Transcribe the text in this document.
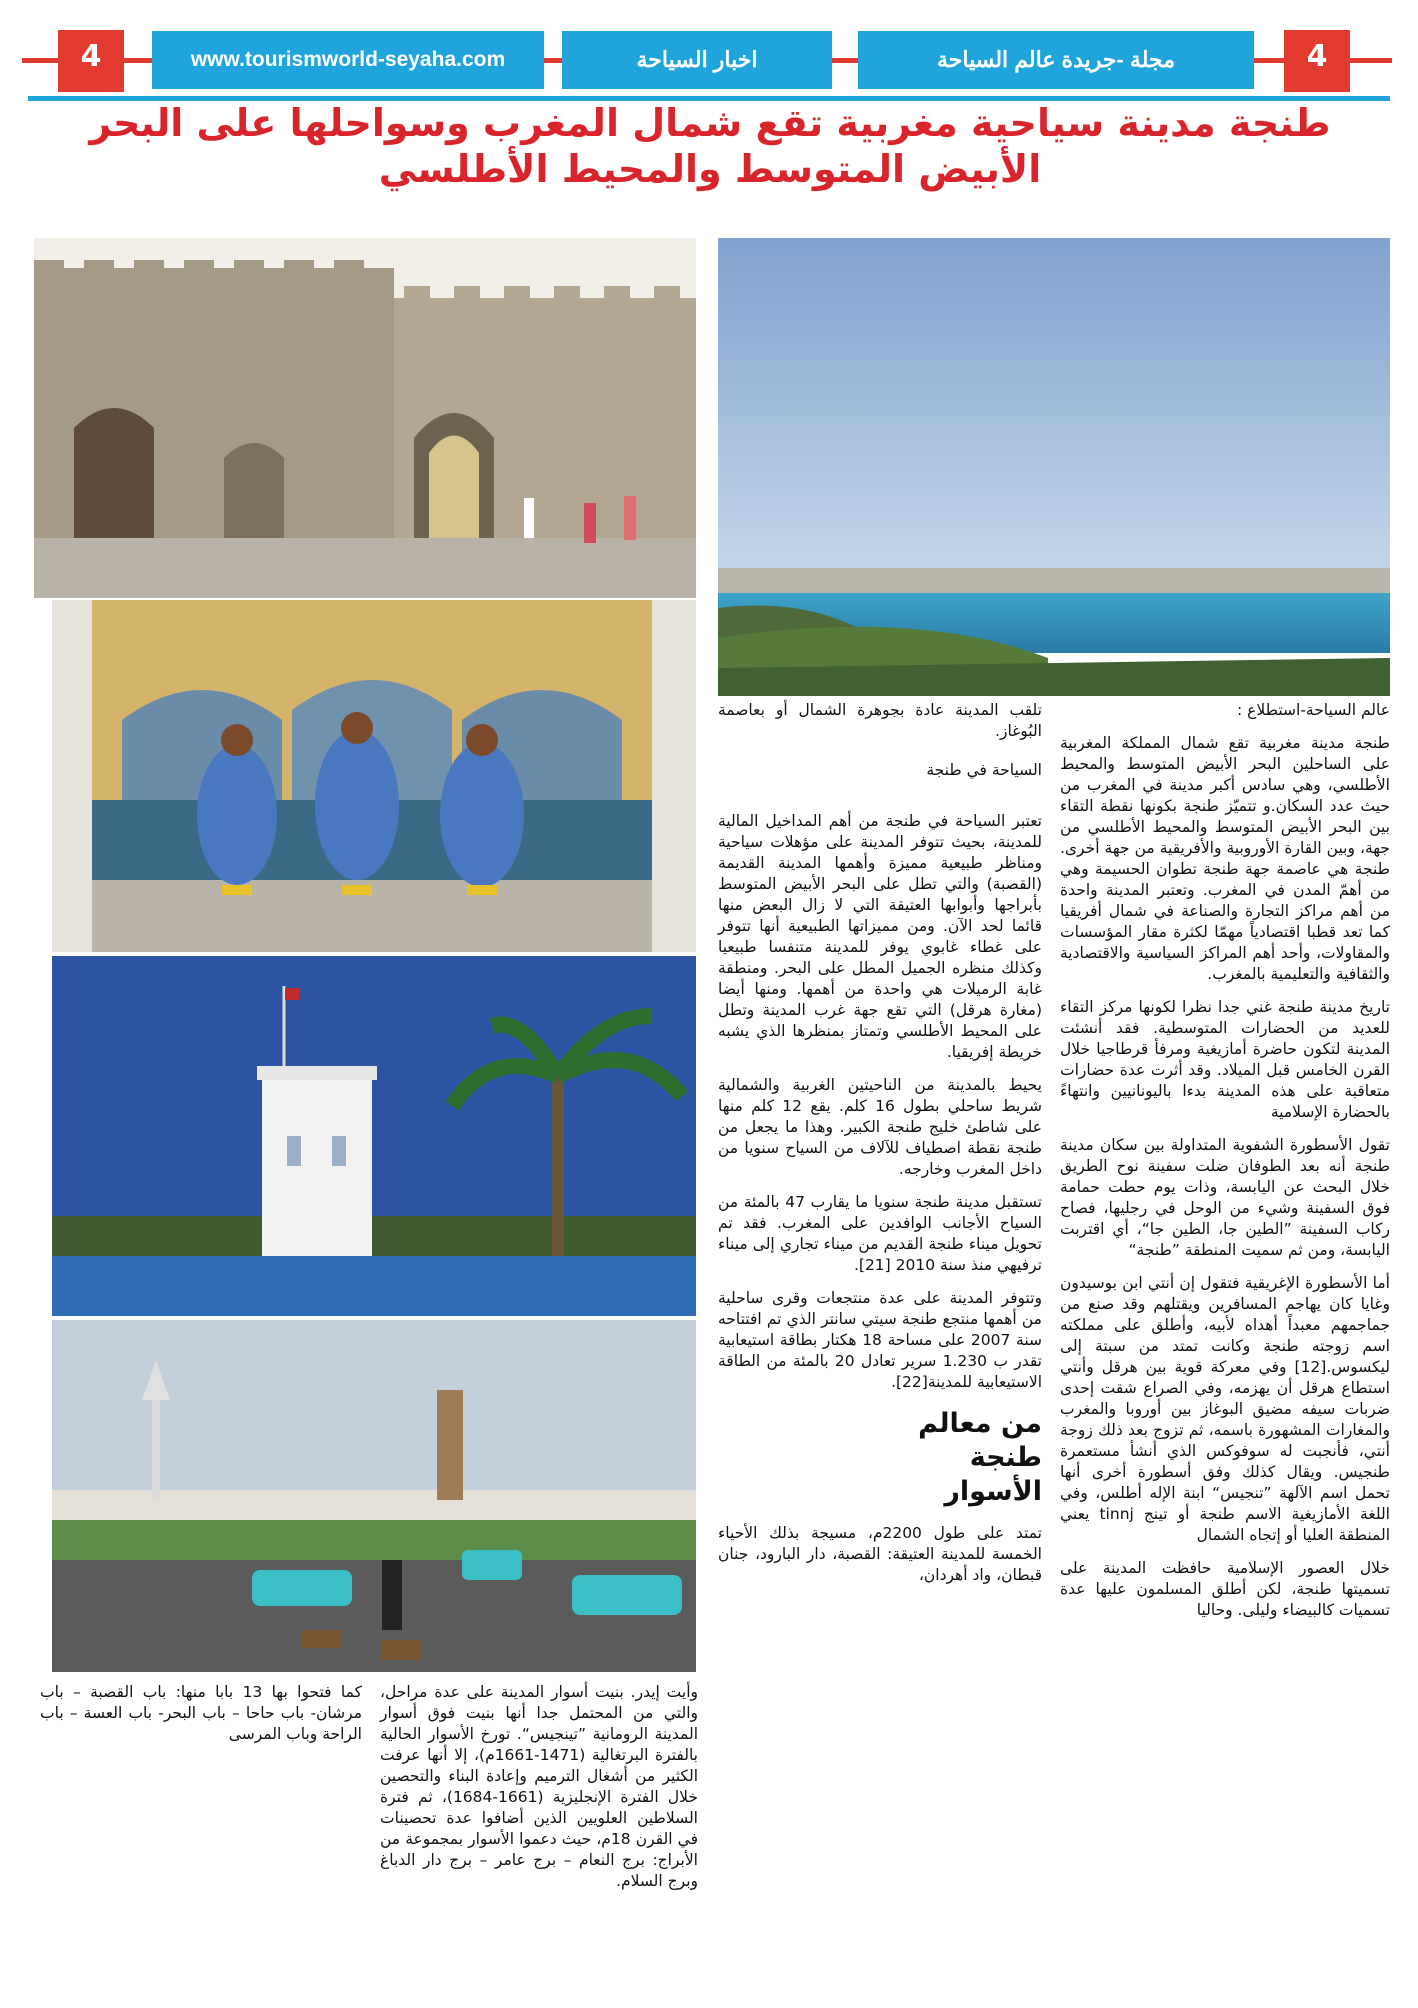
4	www.tourismworld-seyaha.com	اخبار السياحة	مجلة -جريدة عالم السياحة	4
طنجة مدينة سياحية مغربية تقع شمال المغرب وسواحلها على البحر الأبيض المتوسط والمحيط الأطلسي

عالم السياحة-استطلاع :

طنجة مدينة مغربية تقع شمال المملكة المغربية على الساحلين البحر الأبيض المتوسط والمحيط الأطلسي، وهي سادس أكبر مدينة في المغرب من حيث عدد السكان.و تتميّز طنجة بكونها نقطة التقاء بين البحر الأبيض المتوسط والمحيط الأطلسي من جهة، وبين القارة الأوروبية والأفريقية من جهة أخرى. طنجة هي عاصمة جهة طنجة تطوان الحسيمة وهي من أهمّ المدن في المغرب. وتعتبر المدينة واحدة من أهم مراكز التجارة والصناعة في شمال أفريقيا كما تعد قطبا اقتصادياً مهمّا لكثرة مقار المؤسسات والمقاولات، وأحد أهم المراكز السياسية والاقتصادية والثقافية والتعليمية بالمغرب.

تاريخ مدينة طنجة غني جدا نظرا لكونها مركز التقاء للعديد من الحضارات المتوسطية. فقد أنشئت المدينة لتكون حاضرة أمازيغية ومرفأ قرطاجيا خلال القرن الخامس قبل الميلاد. وقد أثرت عدة حضارات متعاقبة على هذه المدينة بدءا باليونانيين وانتهاءً بالحضارة الإسلامية

تقول الأسطورة الشفوية المتداولة بين سكان مدينة طنجة أنه بعد الطوفان ضلت سفينة نوح الطريق خلال البحث عن اليابسة، وذات يوم حطت حمامة فوق السفينة وشيء من الوحل في رجليها، فصاح ركاب السفينة ”الطين جا، الطين جا“، أي اقتربت اليابسة، ومن ثم سميت المنطقة ”طنجة“

أما الأسطورة الإغريقية فتقول إن أنتي ابن بوسيدون وغايا كان يهاجم المسافرين ويقتلهم وقد صنع من جماجمهم معبداً أهداه لأبيه، وأطلق على مملكته اسم زوجته طنجة وكانت تمتد من سبتة إلى ليكسوس.[12] وفي معركة قوية بين هرقل وأنتي استطاع هرقل أن يهزمه، وفي الصراع شقت إحدى ضربات سيفه مضيق البوغاز بين أوروبا والمغرب والمغارات المشهورة باسمه، ثم تزوج بعد ذلك زوجة أنتي، فأنجبت له سوفوكس الذي أنشأ مستعمرة طنجيس. ويقال كذلك وفق أسطورة أخرى أنها تحمل اسم الآلهة ”تنجيس“ ابنة الإله أطلس، وفي اللغة الأمازيغية الاسم طنجة أو تينج tinnj يعني المنطقة العليا أو إتجاه الشمال

خلال العصور الإسلامية حافظت المدينة على تسميتها طنجة، لكن أطلق المسلمون عليها عدة تسميات كالبيضاء وليلى. وحاليا

تلقب المدينة عادة بجوهرة الشمال أو بعاصمة البُوغاز.

السياحة في طنجة

تعتبر السياحة في طنجة من أهم المداخيل المالية للمدينة، بحيث تتوفر المدينة على مؤهلات سياحية ومناظر طبيعية مميزة وأهمها المدينة القديمة (القصبة) والتي تطل على البحر الأبيض المتوسط بأبراجها وأبوابها العتيقة التي لا زال البعض منها قائما لحد الآن. ومن مميزاتها الطبيعية أنها تتوفر على غطاء غابوي يوفر للمدينة متنفسا طبيعيا وكذلك منظره الجميل المطل على البحر. ومنطقة غابة الرميلات هي واحدة من أهمها. ومنها أيضا (مغارة هرقل) التي تقع جهة غرب المدينة وتطل على المحيط الأطلسي وتمتاز بمنظرها الذي يشبه خريطة إفريقيا.

يحيط بالمدينة من الناحيتين الغربية والشمالية شريط ساحلي بطول 16 كلم. يقع 12 كلم منها على شاطئ خليج طنجة الكبير. وهذا ما يجعل من طنجة نقطة اصطياف للآلاف من السياح سنويا من داخل المغرب وخارجه.

تستقبل مدينة طنجة سنويا ما يقارب 47 بالمئة من السياح الأجانب الوافدين على المغرب. فقد تم تحويل ميناء طنجة القديم من ميناء تجاري إلى ميناء ترفيهي منذ سنة 2010 [21].

وتتوفر المدينة على عدة منتجعات وقرى ساحلية من أهمها منتجع طنجة سيتي سانتر الذي تم افتتاحه سنة 2007 على مساحة 18 هكتار بطاقة استيعابية تقدر ب 1.230 سرير تعادل 20 بالمئة من الطاقة الاستيعابية للمدينة[22].

من معالم طنجة الأسوار

تمتد على طول 2200م، مسيجة بذلك الأحياء الخمسة للمدينة العتيقة: القصبة، دار البارود، جنان قبطان، واد أهردان،

وأيت إيدر. بنيت أسوار المدينة على عدة مراحل، والتي من المحتمل جدا أنها بنيت فوق أسوار المدينة الرومانية ”تينجيس“. تورخ الأسوار الحالية بالفترة البرتغالية (1471-1661م)، إلا أنها عرفت الكثير من أشغال الترميم وإعادة البناء والتحصين خلال الفترة الإنجليزية (1661-1684)، ثم فترة السلاطين العلويين الذين أضافوا عدة تحصينات في القرن 18م، حيث دعموا الأسوار بمجموعة من الأبراج: برج النعام – برج عامر – برج دار الدباغ وبرج السلام.

كما فتحوا بها 13 بابا منها: باب القصبة – باب مرشان- باب حاحا – باب البحر- باب العسة – باب الراحة وباب المرسى
